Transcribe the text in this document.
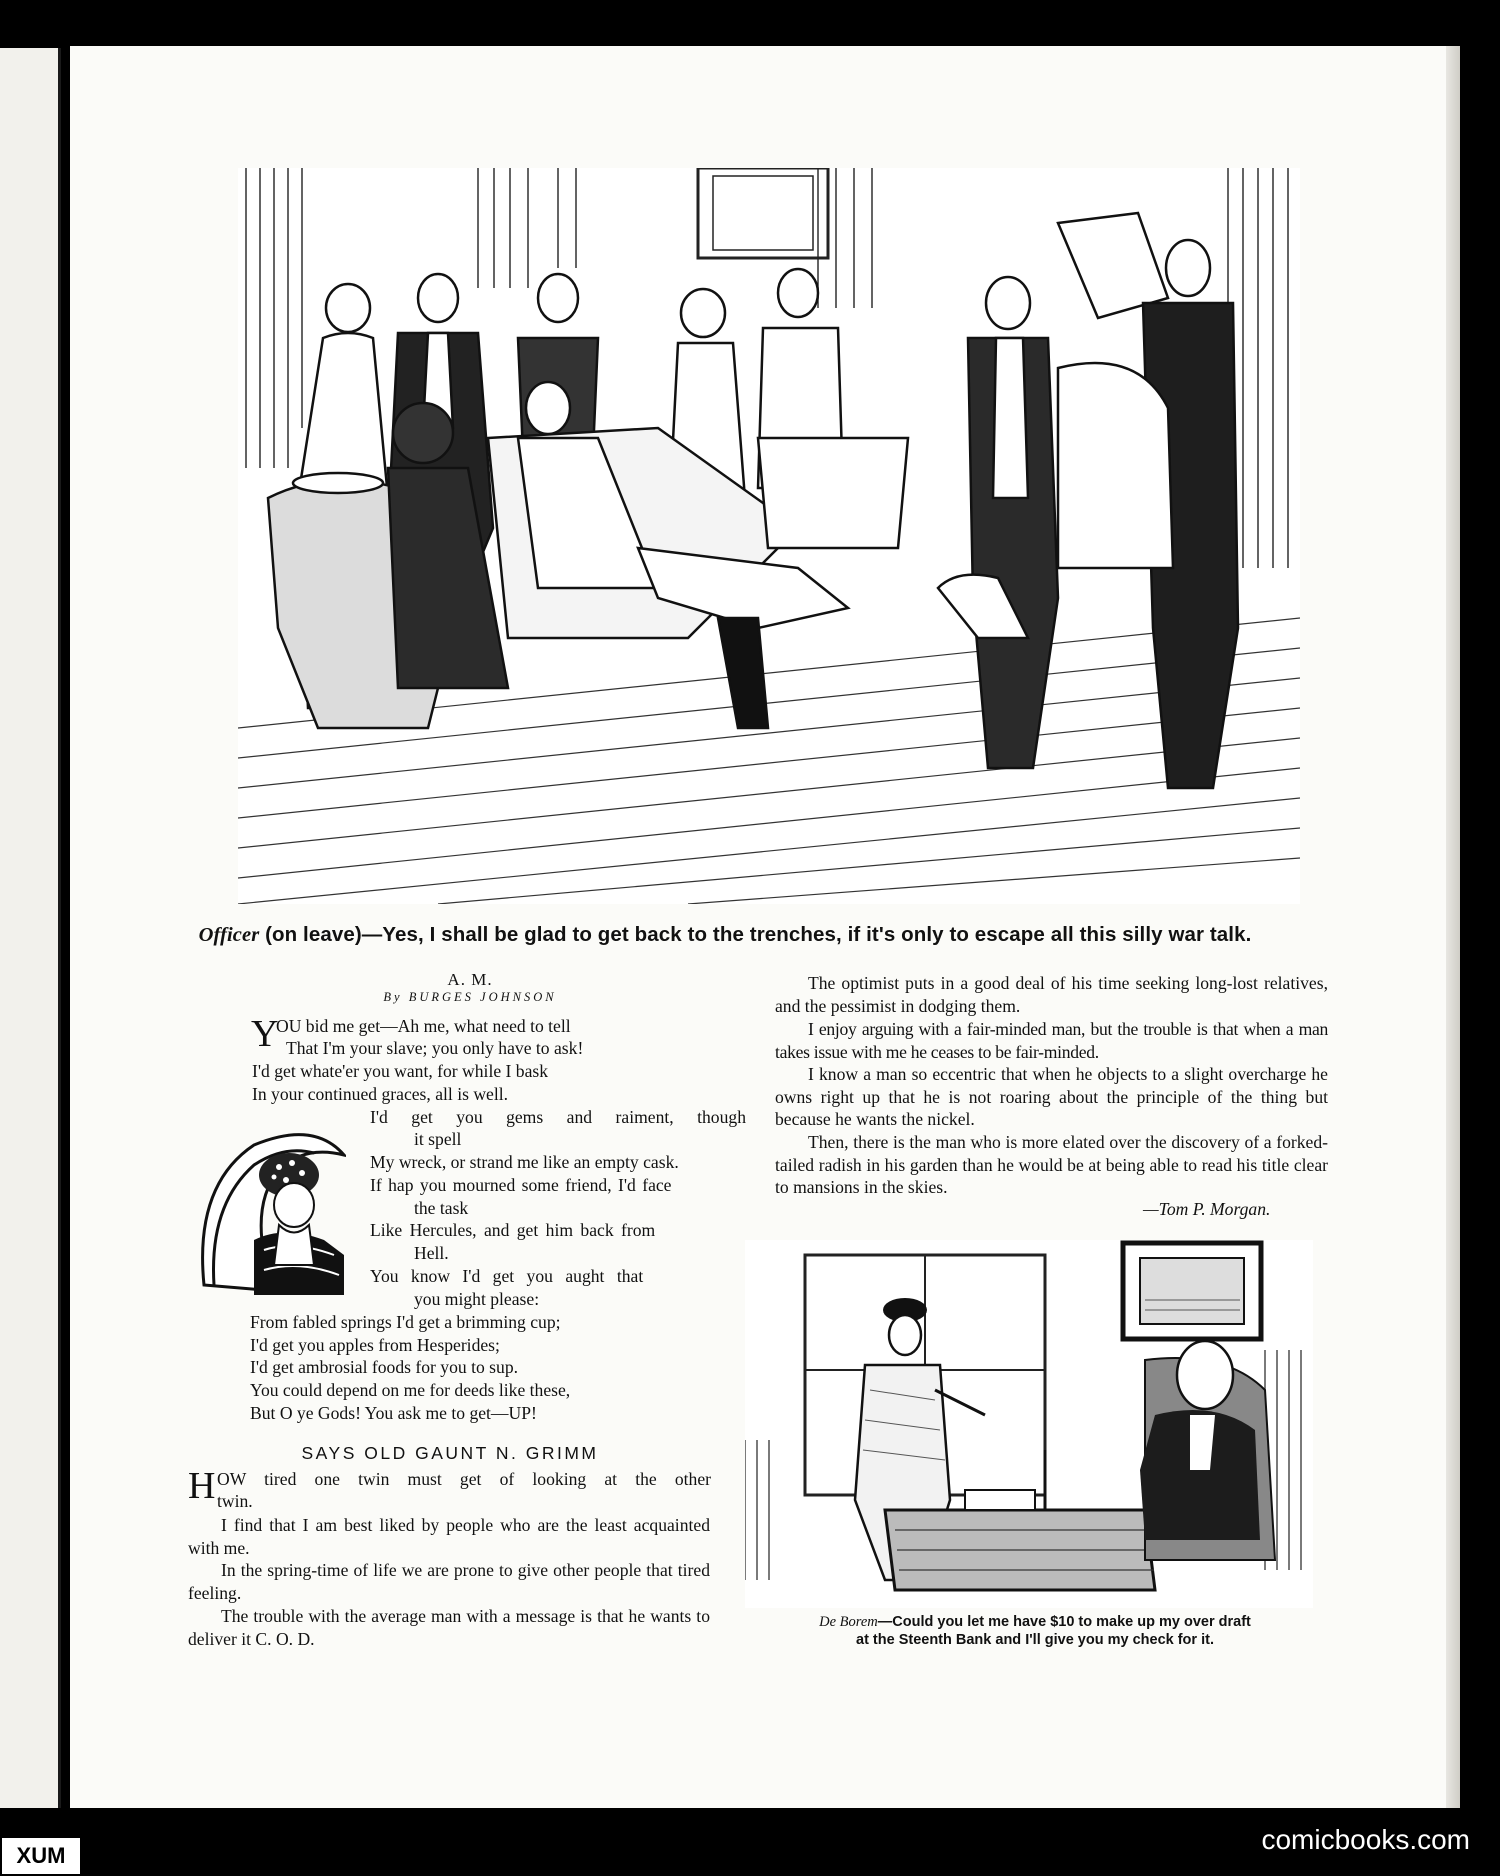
Officer (on leave)—Yes, I shall be glad to get back to the trenches, if it's only to escape all this silly war talk.
A. M.
By BURGES JOHNSON
Y
OU bid me get—Ah me, what need to tell
That I'm your slave; you only have to ask!
I'd get whate'er you want, for while I bask
In your continued graces, all is well.
I'd get you gems and raiment, though
it spell
My wreck, or strand me like an empty cask.
If hap you mourned some friend, I'd face
the task
Like Hercules, and get him back from
Hell.
You know I'd get you aught that
you might please:
From fabled springs I'd get a brimming cup;
I'd get you apples from Hesperides;
I'd get ambrosial foods for you to sup.
You could depend on me for deeds like these,
But O ye Gods! You ask me to get—UP!
SAYS OLD GAUNT N. GRIMM
H OW tired one twin must get of looking at the other
twin.
I find that I am best liked by people who are the least acquainted with me.
In the spring-time of life we are prone to give other people that tired feeling.
The trouble with the average man with a message is that he wants to deliver it C. O. D.
The optimist puts in a good deal of his time seeking long-lost relatives, and the pessimist in dodging them.
I enjoy arguing with a fair-minded man, but the trouble is that when a man takes issue with me he ceases to be fair-minded.
I know a man so eccentric that when he objects to a slight overcharge he owns right up that he is not roaring about the principle of the thing but because he wants the nickel.
Then, there is the man who is more elated over the discovery of a forked-tailed radish in his garden than he would be at being able to read his title clear to mansions in the skies.
—Tom P. Morgan.
De Borem—Could you let me have $10 to make up my over draft
at the Steenth Bank and I'll give you my check for it.
comicbooks.com
XUM
